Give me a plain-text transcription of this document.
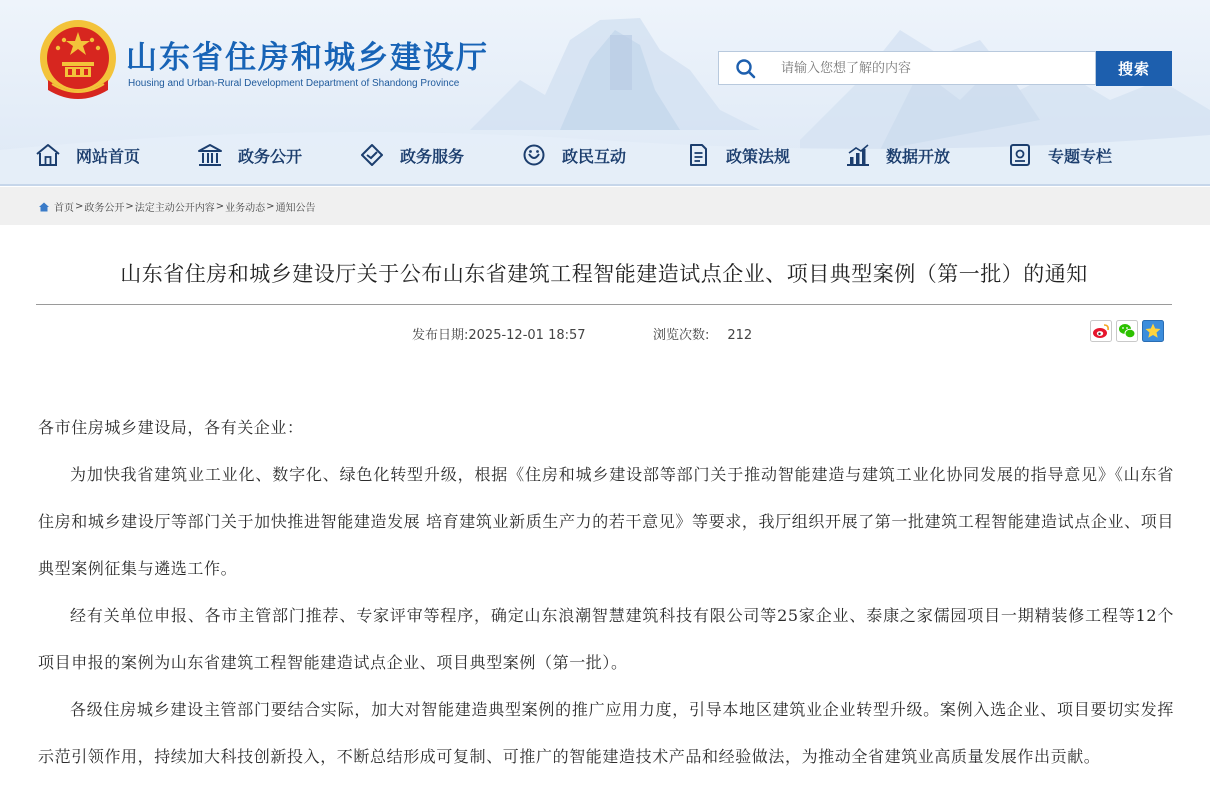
山东省住房和城乡建设厅
Housing and Urban-Rural Development Department of Shandong Province
请输入您想了解的内容
搜索
网站首页	政务公开	政务服务	政民互动	政策法规	数据开放	专题专栏
首页 > 政务公开 > 法定主动公开内容 > 业务动态 > 通知公告
山东省住房和城乡建设厅关于公布山东省建筑工程智能建造试点企业、项目典型案例（第一批）的通知
发布日期:2025-12-01 18:57	浏览次数: 212

各市住房城乡建设局，各有关企业：

为加快我省建筑业工业化、数字化、绿色化转型升级，根据《住房和城乡建设部等部门关于推动智能建造与建筑工业化协同发展的指导意见》《山东省住房和城乡建设厅等部门关于加快推进智能建造发展 培育建筑业新质生产力的若干意见》等要求，我厅组织开展了第一批建筑工程智能建造试点企业、项目典型案例征集与遴选工作。

经有关单位申报、各市主管部门推荐、专家评审等程序，确定山东浪潮智慧建筑科技有限公司等25家企业、泰康之家儒园项目一期精装修工程等12个项目申报的案例为山东省建筑工程智能建造试点企业、项目典型案例（第一批）。

各级住房城乡建设主管部门要结合实际，加大对智能建造典型案例的推广应用力度，引导本地区建筑业企业转型升级。案例入选企业、项目要切实发挥示范引领作用，持续加大科技创新投入，不断总结形成可复制、可推广的智能建造技术产品和经验做法，为推动全省建筑业高质量发展作出贡献。
